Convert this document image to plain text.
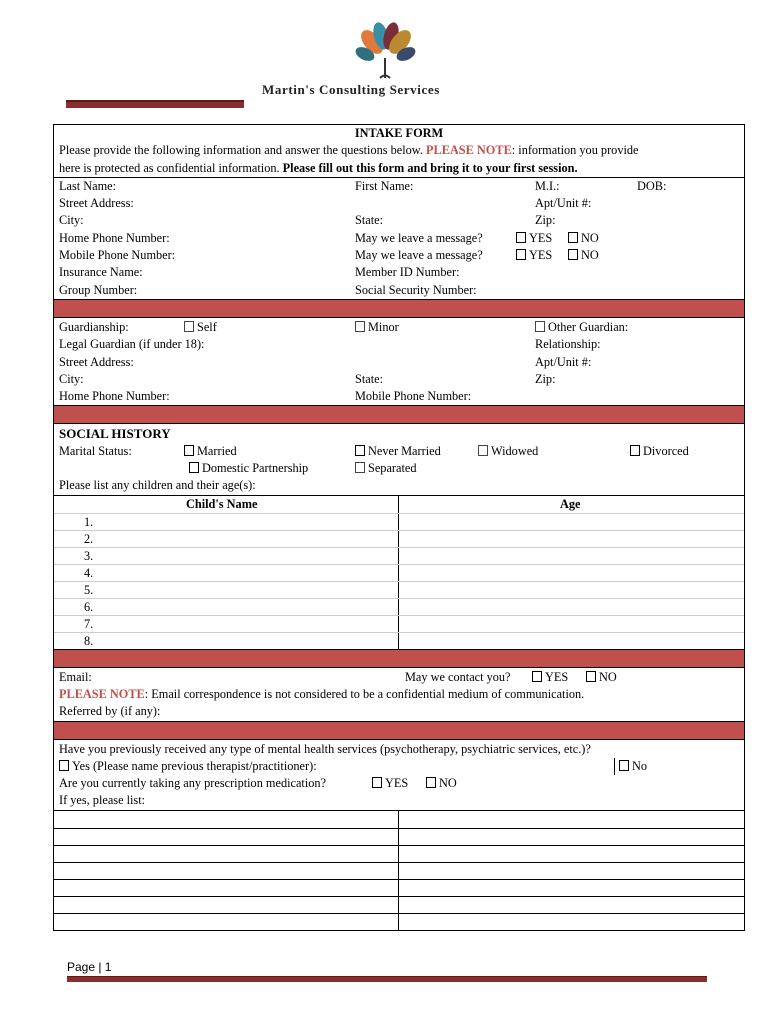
Martin's Consulting Services
INTAKE FORM
Please provide the following information and answer the questions below. PLEASE NOTE: information you provide
here is protected as confidential information. Please fill out this form and bring it to your first session.
Last Name:	First Name:	M.I.:	DOB:
Street Address:	Apt/Unit #:
City:	State:	Zip:
Home Phone Number:	May we leave a message?	YES	NO
Mobile Phone Number:	May we leave a message?	YES	NO
Insurance Name:	Member ID Number:
Group Number:	Social Security Number:
Guardianship:	Self	Minor	Other Guardian:
Legal Guardian (if under 18):	Relationship:
Street Address:	Apt/Unit #:
City:	State:	Zip:
Home Phone Number:	Mobile Phone Number:
SOCIAL HISTORY
Marital Status:	Married	Never Married	Widowed	Divorced
Domestic Partnership	Separated
Please list any children and their age(s):
Child's Name	Age
1.
2.
3.
4.
5.
6.
7.
8.
Email:	May we contact you?	YES	NO
PLEASE NOTE: Email correspondence is not considered to be a confidential medium of communication.
Referred by (if any):
Have you previously received any type of mental health services (psychotherapy, psychiatric services, etc.)?
Yes (Please name previous therapist/practitioner):	No
Are you currently taking any prescription medication?	YES	NO
If yes, please list:
Page | 1
